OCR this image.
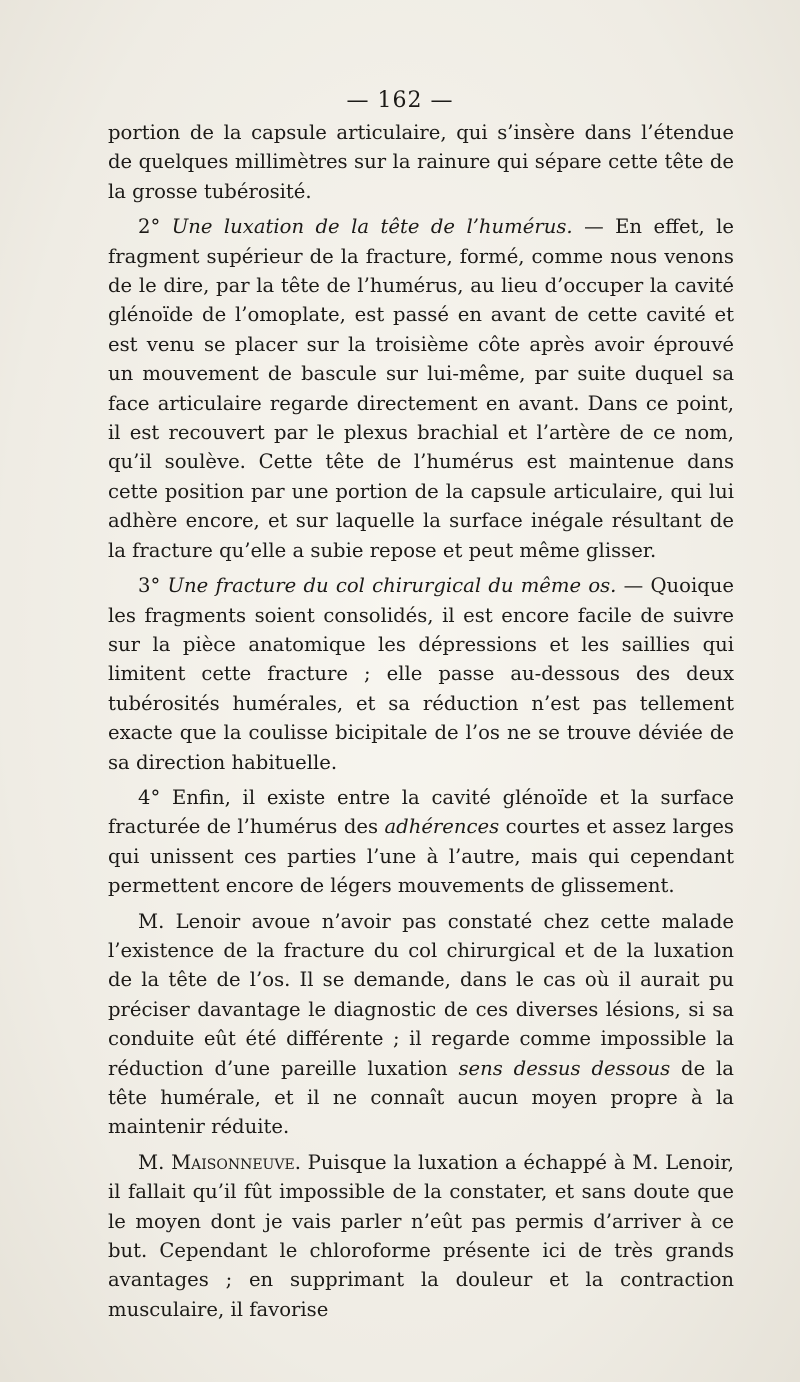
— 162 —

portion de la capsule articulaire, qui s’insère dans l’étendue de quelques millimètres sur la rainure qui sépare cette tête de la grosse tubérosité.

2° Une luxation de la tête de l’humérus. — En effet, le fragment supérieur de la fracture, formé, comme nous venons de le dire, par la tête de l’humérus, au lieu d’occuper la cavité glénoïde de l’omoplate, est passé en avant de cette cavité et est venu se placer sur la troisième côte après avoir éprouvé un mouvement de bascule sur lui-même, par suite duquel sa face articulaire regarde directement en avant. Dans ce point, il est recouvert par le plexus brachial et l’artère de ce nom, qu’il soulève. Cette tête de l’humérus est maintenue dans cette position par une portion de la capsule articulaire, qui lui adhère encore, et sur laquelle la surface inégale résultant de la fracture qu’elle a subie repose et peut même glisser.

3° Une fracture du col chirurgical du même os. — Quoique les fragments soient consolidés, il est encore facile de suivre sur la pièce anatomique les dépressions et les saillies qui limitent cette fracture ; elle passe au-dessous des deux tubérosités humérales, et sa réduction n’est pas tellement exacte que la coulisse bicipitale de l’os ne se trouve déviée de sa direction habituelle.

4° Enfin, il existe entre la cavité glénoïde et la surface fracturée de l’humérus des adhérences courtes et assez larges qui unissent ces parties l’une à l’autre, mais qui cependant permettent encore de légers mouvements de glissement.

M. Lenoir avoue n’avoir pas constaté chez cette malade l’existence de la fracture du col chirurgical et de la luxation de la tête de l’os. Il se demande, dans le cas où il aurait pu préciser davantage le diagnostic de ces diverses lésions, si sa conduite eût été différente ; il regarde comme impossible la réduction d’une pareille luxation sens dessus dessous de la tête humérale, et il ne connaît aucun moyen propre à la maintenir réduite.

M. Maisonneuve. Puisque la luxation a échappé à M. Lenoir, il fallait qu’il fût impossible de la constater, et sans doute que le moyen dont je vais parler n’eût pas permis d’arriver à ce but. Cependant le chloroforme présente ici de très grands avantages ; en supprimant la douleur et la contraction musculaire, il favorise
